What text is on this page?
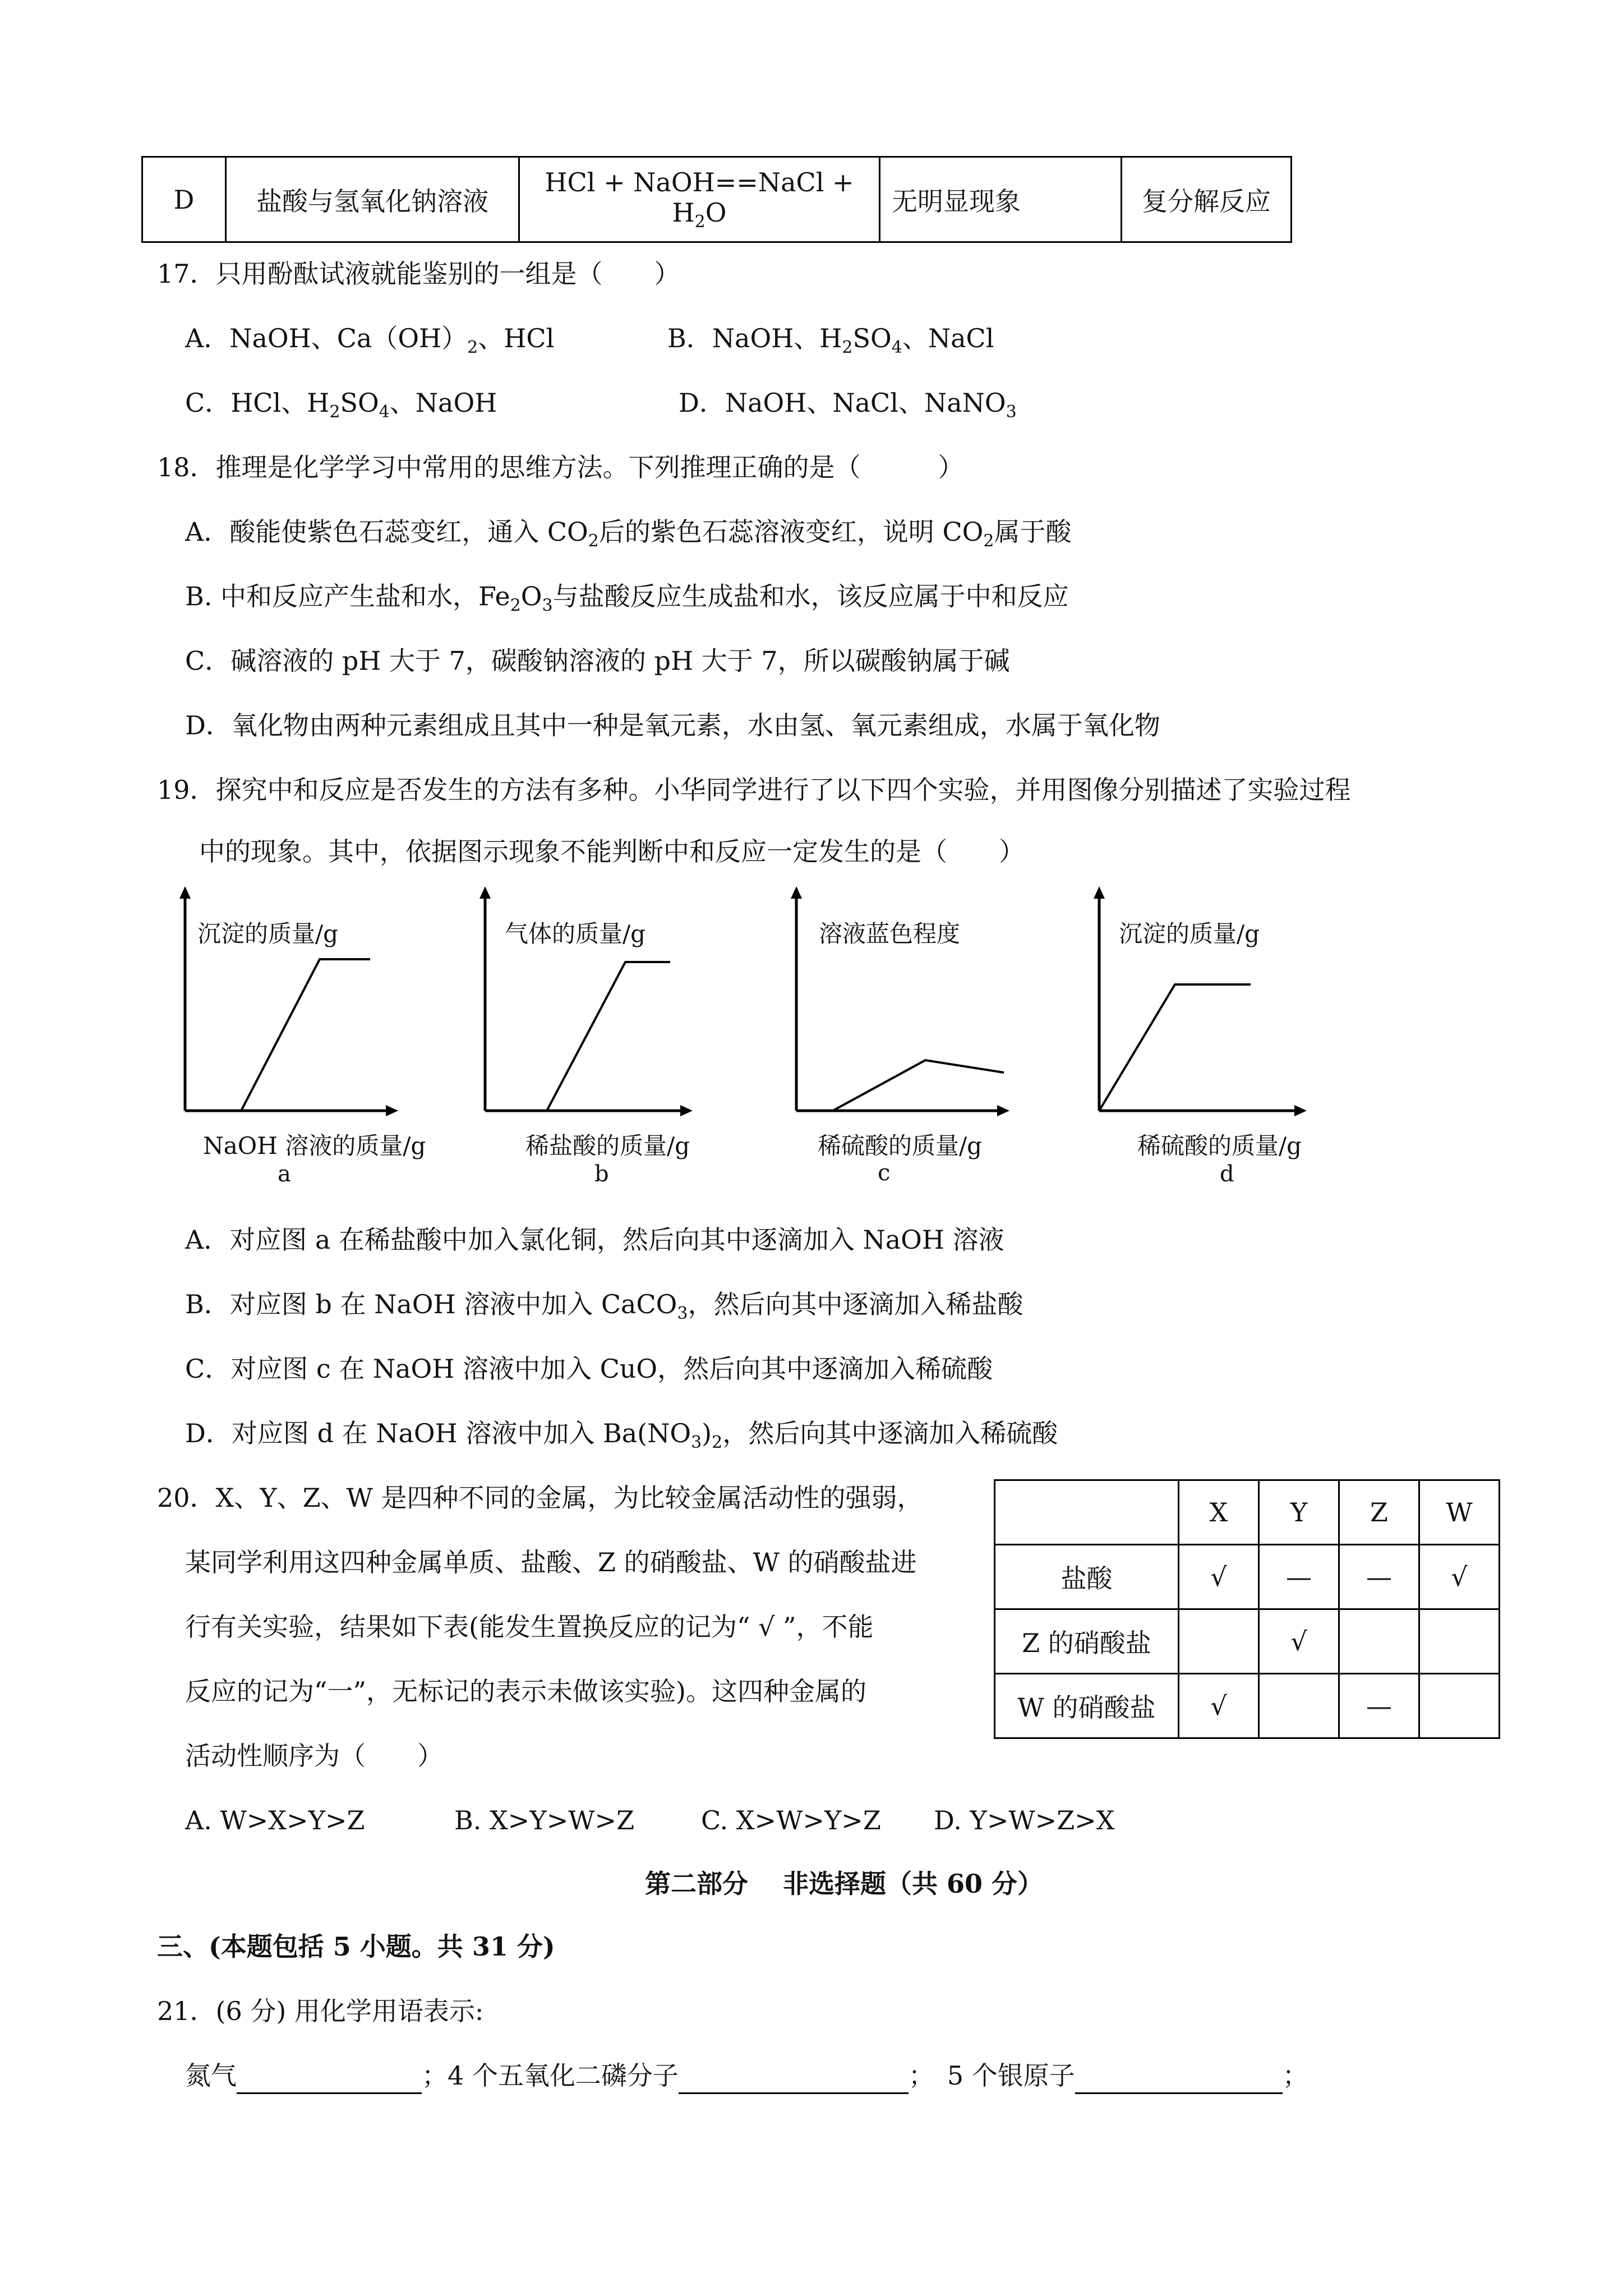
D	盐酸与氢氧化钠溶液	HCl + NaOH==NaCl + $H_2O$	无明显现象	复分解反应
17．只用酚酞试液就能鉴别的一组是（　　）
A．NaOH、$Ca(OH)_2$、HCl	B．NaOH、$H_2SO_4$、NaCl
C．HCl、$H_2SO_4$、NaOH	D．NaOH、NaCl、NaNO$_3$
18．推理是化学学习中常用的思维方法。下列推理正确的是（　　　）
A．酸能使紫色石蕊变红，通入 $CO_2$后的紫色石蕊溶液变红，说明 $CO_2$属于酸
B. 中和反应产生盐和水，$Fe_2O_3$与盐酸反应生成盐和水，该反应属于中和反应
C．碱溶液的 pH 大于 7，碳酸钠溶液的 pH 大于 7，所以碳酸钠属于碱
D．氧化物由两种元素组成且其中一种是氧元素，水由氢、氧元素组成，水属于氧化物
19．探究中和反应是否发生的方法有多种。小华同学进行了以下四个实验，并用图像分别描述了实验过程
中的现象。其中，依据图示现象不能判断中和反应一定发生的是（　　）
沉淀的质量/g
NaOH 溶液的质量/g
a
气体的质量/g
稀盐酸的质量/g
b
溶液蓝色程度
稀硫酸的质量/g
c
沉淀的质量/g
稀硫酸的质量/g
d
A．对应图 a 在稀盐酸中加入氯化铜，然后向其中逐滴加入 NaOH 溶液
B．对应图 b 在 NaOH 溶液中加入 CaCO$_3$，然后向其中逐滴加入稀盐酸
C．对应图 c 在 NaOH 溶液中加入 CuO，然后向其中逐滴加入稀硫酸
D．对应图 d 在 NaOH 溶液中加入 $Ba(NO_3)_2$，然后向其中逐滴加入稀硫酸
20．X、Y、Z、W 是四种不同的金属，为比较金属活动性的强弱，
某同学利用这四种金属单质、盐酸、Z 的硝酸盐、W 的硝酸盐进
行有关实验，结果如下表(能发生置换反应的记为“ √ ”，不能
反应的记为“一”，无标记的表示未做该实验)。这四种金属的
活动性顺序为（　　）
	X	Y	Z	W
盐酸	√	—	—	√
Z 的硝酸盐		√		
W 的硝酸盐	√		—	
A. W>X>Y>Z	B. X>Y>W>Z	C. X>W>Y>Z D. Y>W>Z>X
第二部分　 非选择题（共 60 分）
三、(本题包括 5 小题。共 31 分)
21．(6 分) 用化学用语表示:
氮气	；4 个五氧化二磷分子	；　5 个银原子	；
